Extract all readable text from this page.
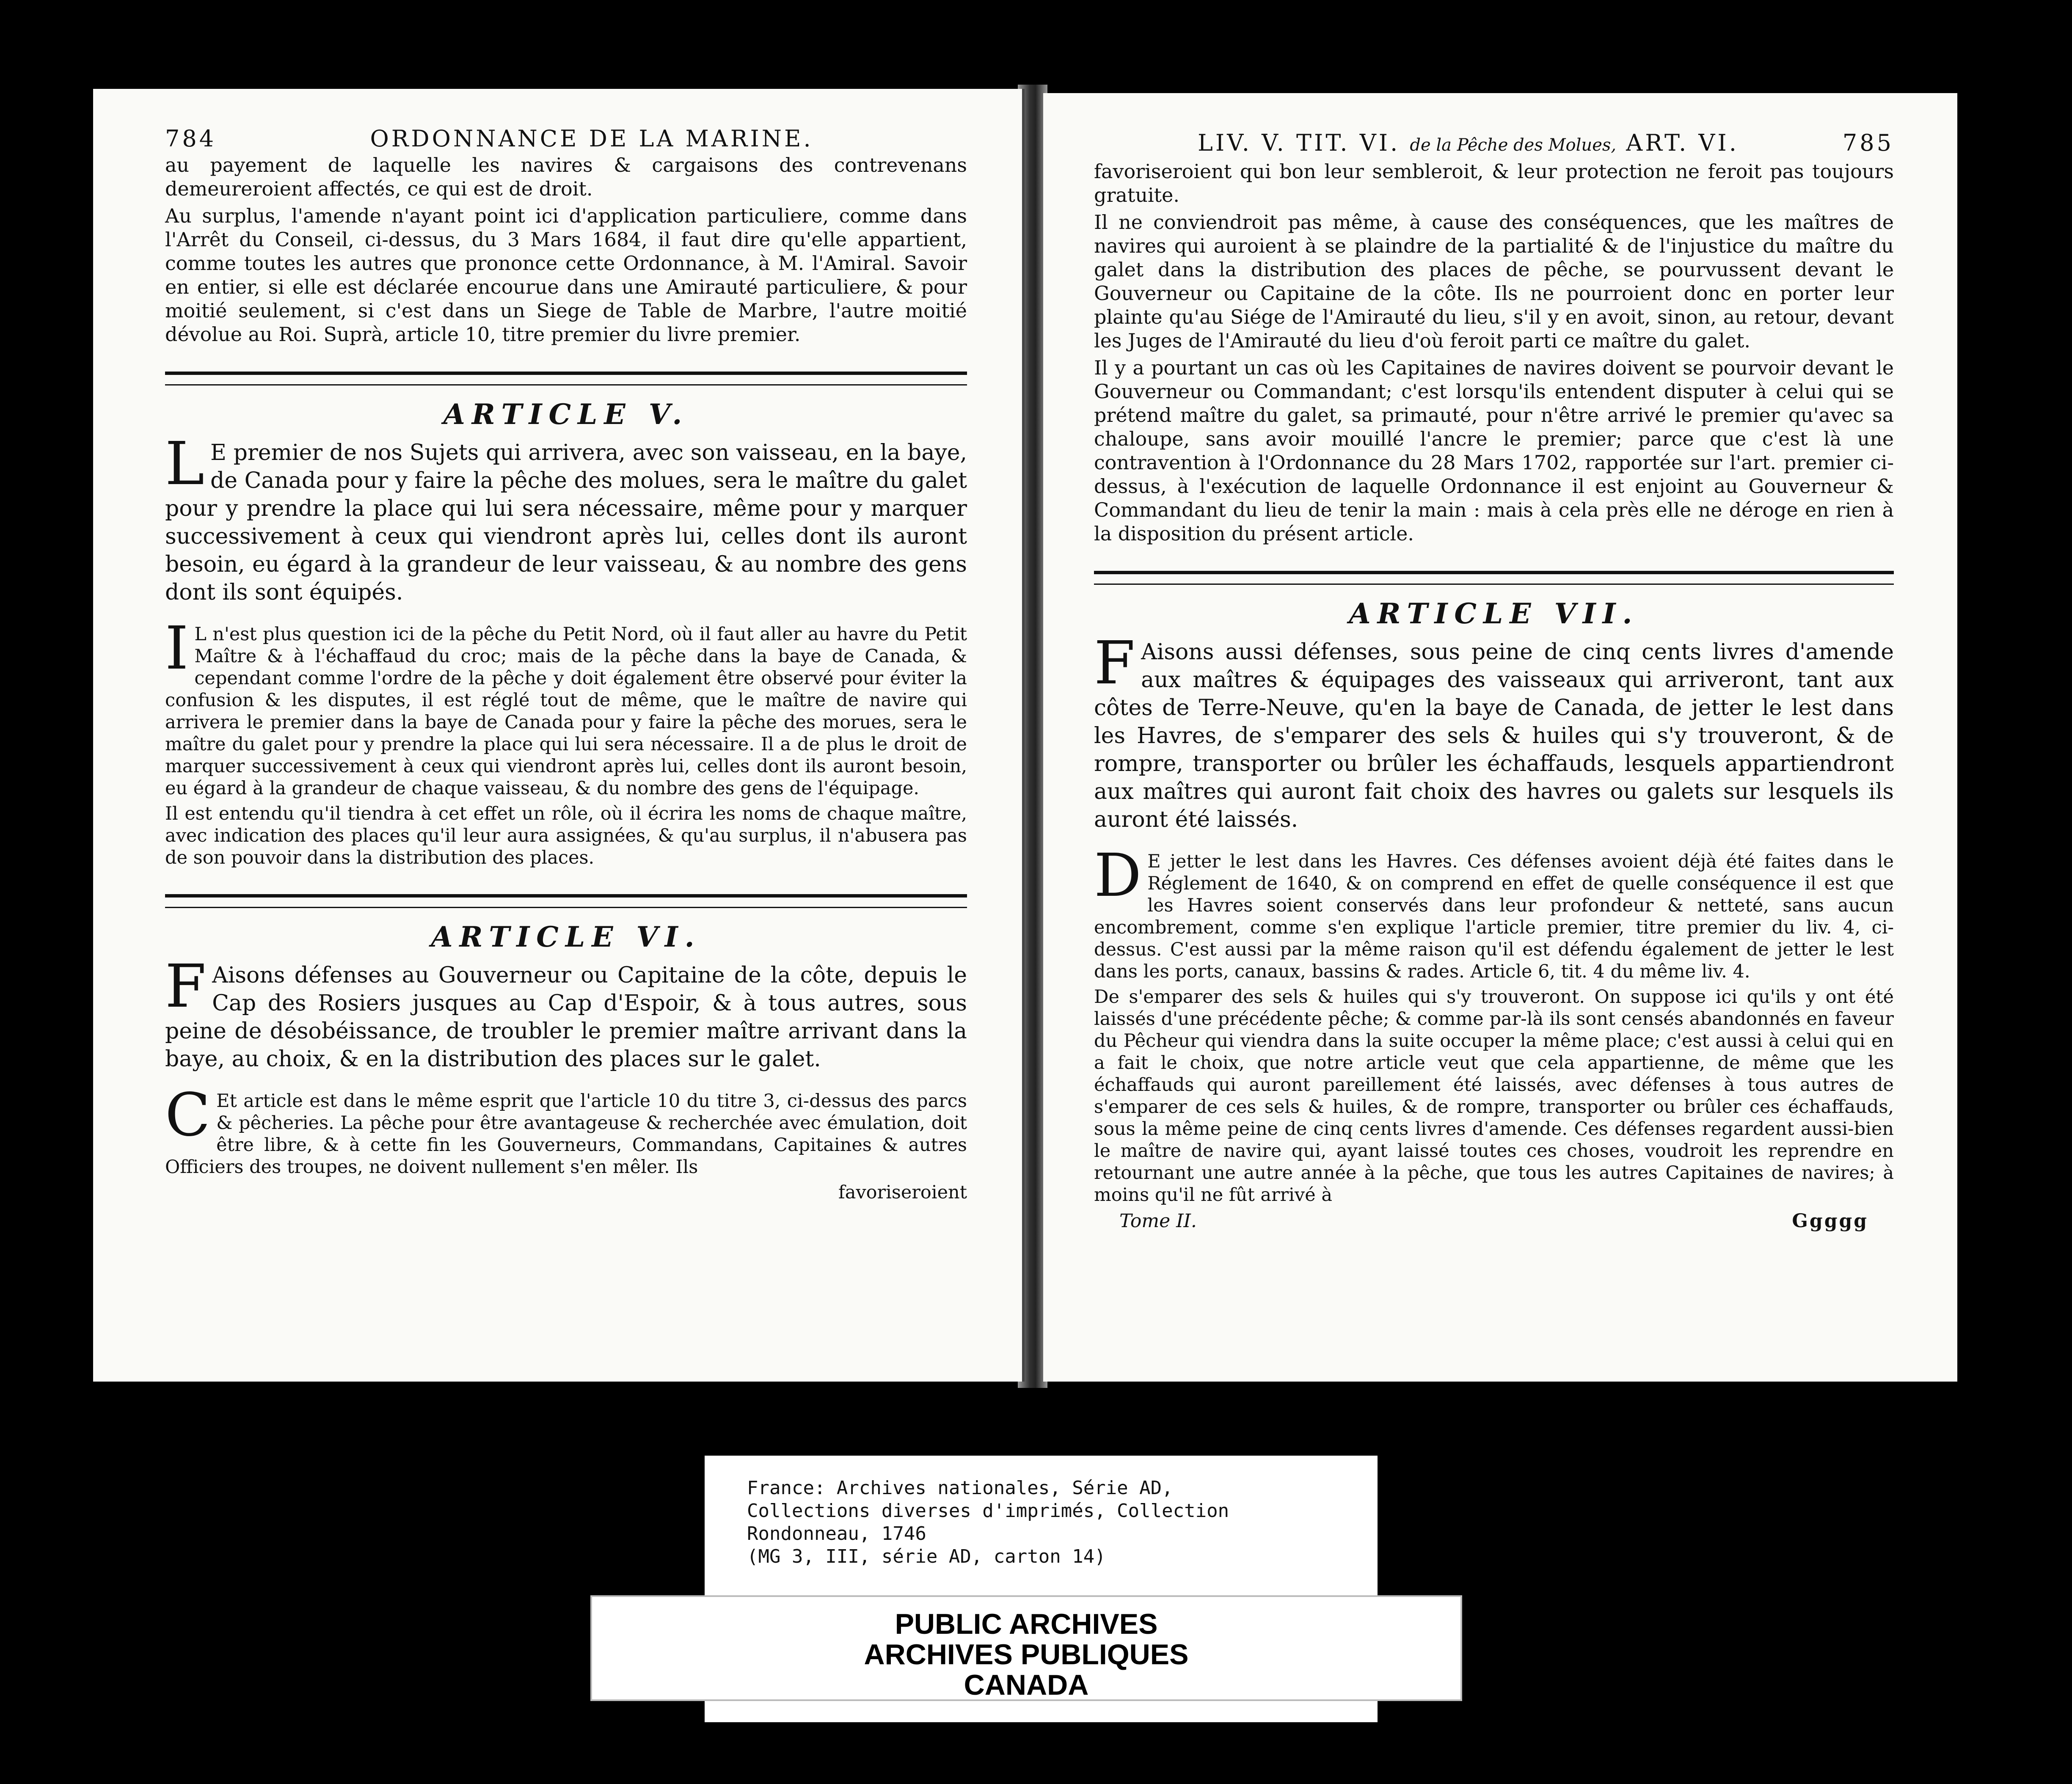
784	ORDONNANCE DE LA MARINE.

au payement de laquelle les navires & cargaisons des contrevenans demeureroient affectés, ce qui est de droit.

Au surplus, l'amende n'ayant point ici d'application particuliere, comme dans l'Arrêt du Conseil, ci-dessus, du 3 Mars 1684, il faut dire qu'elle appartient, comme toutes les autres que prononce cette Ordonnance, à M. l'Amiral. Savoir en entier, si elle est déclarée encourue dans une Amirauté particuliere, & pour moitié seulement, si c'est dans un Siege de Table de Marbre, l'autre moitié dévolue au Roi. Suprà, article 10, titre premier du livre premier.

ARTICLE V.

LE premier de nos Sujets qui arrivera, avec son vaisseau, en la baye, de Canada pour y faire la pêche des molues, sera le maître du galet pour y prendre la place qui lui sera nécessaire, même pour y marquer successivement à ceux qui viendront après lui, celles dont ils auront besoin, eu égard à la grandeur de leur vaisseau, & au nombre des gens dont ils sont équipés.

IL n'est plus question ici de la pêche du Petit Nord, où il faut aller au havre du Petit Maître & à l'échaffaud du croc; mais de la pêche dans la baye de Canada, & cependant comme l'ordre de la pêche y doit également être observé pour éviter la confusion & les disputes, il est réglé tout de même, que le maître de navire qui arrivera le premier dans la baye de Canada pour y faire la pêche des morues, sera le maître du galet pour y prendre la place qui lui sera nécessaire. Il a de plus le droit de marquer successivement à ceux qui viendront après lui, celles dont ils auront besoin, eu égard à la grandeur de chaque vaisseau, & du nombre des gens de l'équipage.

Il est entendu qu'il tiendra à cet effet un rôle, où il écrira les noms de chaque maître, avec indication des places qu'il leur aura assignées, & qu'au surplus, il n'abusera pas de son pouvoir dans la distribution des places.

ARTICLE VI.

FAisons défenses au Gouverneur ou Capitaine de la côte, depuis le Cap des Rosiers jusques au Cap d'Espoir, & à tous autres, sous peine de désobéissance, de troubler le premier maître arrivant dans la baye, au choix, & en la distribution des places sur le galet.

CEt article est dans le même esprit que l'article 10 du titre 3, ci-dessus des parcs & pêcheries. La pêche pour être avantageuse & recherchée avec émulation, doit être libre, & à cette fin les Gouverneurs, Commandans, Capitaines & autres Officiers des troupes, ne doivent nullement s'en mêler. Ils

favoriseroient

LIV. V. TIT. VI. de la Pêche des Molues, ART. VI.	785

favoriseroient qui bon leur sembleroit, & leur protection ne feroit pas toujours gratuite.

Il ne conviendroit pas même, à cause des conséquences, que les maîtres de navires qui auroient à se plaindre de la partialité & de l'injustice du maître du galet dans la distribution des places de pêche, se pourvussent devant le Gouverneur ou Capitaine de la côte. Ils ne pourroient donc en porter leur plainte qu'au Siége de l'Amirauté du lieu, s'il y en avoit, sinon, au retour, devant les Juges de l'Amirauté du lieu d'où feroit parti ce maître du galet.

Il y a pourtant un cas où les Capitaines de navires doivent se pourvoir devant le Gouverneur ou Commandant; c'est lorsqu'ils entendent disputer à celui qui se prétend maître du galet, sa primauté, pour n'être arrivé le premier qu'avec sa chaloupe, sans avoir mouillé l'ancre le premier; parce que c'est là une contravention à l'Ordonnance du 28 Mars 1702, rapportée sur l'art. premier ci-dessus, à l'exécution de laquelle Ordonnance il est enjoint au Gouverneur & Commandant du lieu de tenir la main : mais à cela près elle ne déroge en rien à la disposition du présent article.

ARTICLE VII.

FAisons aussi défenses, sous peine de cinq cents livres d'amende aux maîtres & équipages des vaisseaux qui arriveront, tant aux côtes de Terre-Neuve, qu'en la baye de Canada, de jetter le lest dans les Havres, de s'emparer des sels & huiles qui s'y trouveront, & de rompre, transporter ou brûler les échaffauds, lesquels appartiendront aux maîtres qui auront fait choix des havres ou galets sur lesquels ils auront été laissés.

DE jetter le lest dans les Havres. Ces défenses avoient déjà été faites dans le Réglement de 1640, & on comprend en effet de quelle conséquence il est que les Havres soient conservés dans leur profondeur & netteté, sans aucun encombrement, comme s'en explique l'article premier, titre premier du liv. 4, ci-dessus. C'est aussi par la même raison qu'il est défendu également de jetter le lest dans les ports, canaux, bassins & rades. Article 6, tit. 4 du même liv. 4.

De s'emparer des sels & huiles qui s'y trouveront. On suppose ici qu'ils y ont été laissés d'une précédente pêche; & comme par-là ils sont censés abandonnés en faveur du Pêcheur qui viendra dans la suite occuper la même place; c'est aussi à celui qui en a fait le choix, que notre article veut que cela appartienne, de même que les échaffauds qui auront pareillement été laissés, avec défenses à tous autres de s'emparer de ces sels & huiles, & de rompre, transporter ou brûler ces échaffauds, sous la même peine de cinq cents livres d'amende. Ces défenses regardent aussi-bien le maître de navire qui, ayant laissé toutes ces choses, voudroit les reprendre en retournant une autre année à la pêche, que tous les autres Capitaines de navires; à moins qu'il ne fût arrivé à

Tome II.	Ggggg
France: Archives nationales, Série AD,
Collections diverses d'imprimés, Collection
Rondonneau, 1746
(MG 3, III, série AD, carton 14)
PUBLIC ARCHIVES
ARCHIVES PUBLIQUES
CANADA
